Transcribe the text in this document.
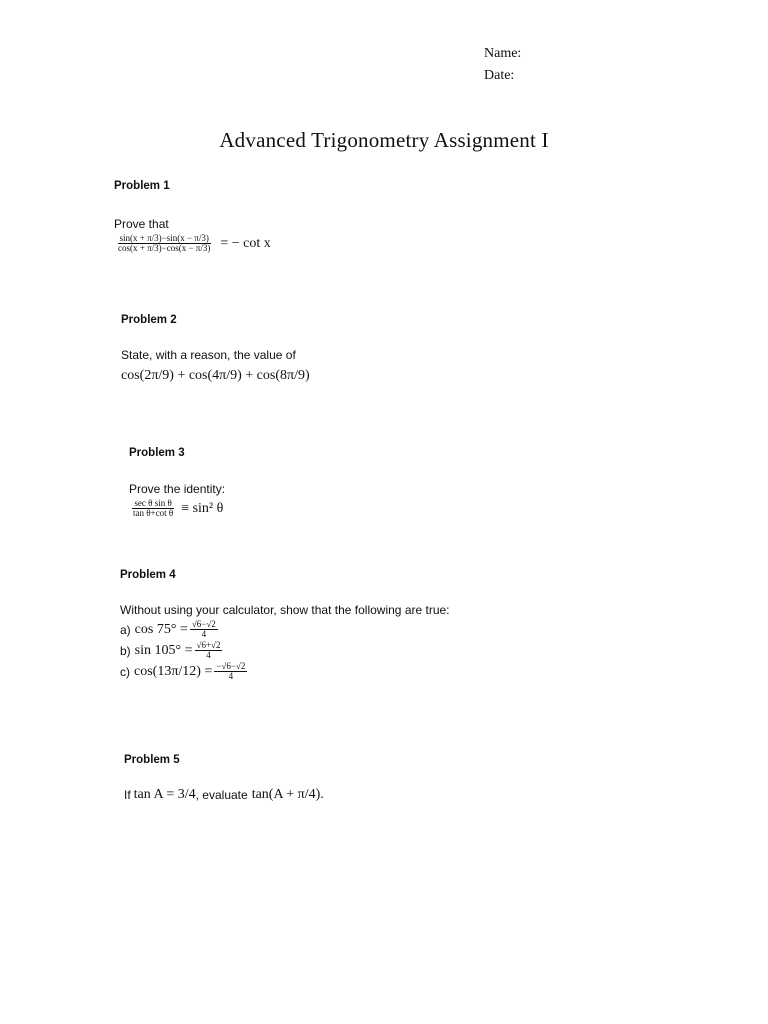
Name:
Date:
Advanced Trigonometry Assignment I
Problem 1
Prove that
$\frac{\sin(x + \pi/3)-\sin(x - \pi/3)}{\cos(x + \pi/3)-\cos(x - \pi/3)}$ = − cot x
Problem 2
State, with a reason, the value of
cos(2π/9) + cos(4π/9) + cos(8π/9)
Problem 3
Prove the identity:
$\frac{\text{sec θ sin θ}}{\text{tan θ+cot θ}} \equiv \sin^2$ θ
Problem 4
Without using your calculator, show that the following are true:
a) $\cos 75^\circ = \frac{√6-√2}{4}$
b) $\sin 105^\circ = \frac{√6+√2}{4}$
c) $\cos(13\pi/12) = \frac{-√6-√2}{4}$
Problem 5
If tan A = 3/4 , evaluate tan(A + π/4).
